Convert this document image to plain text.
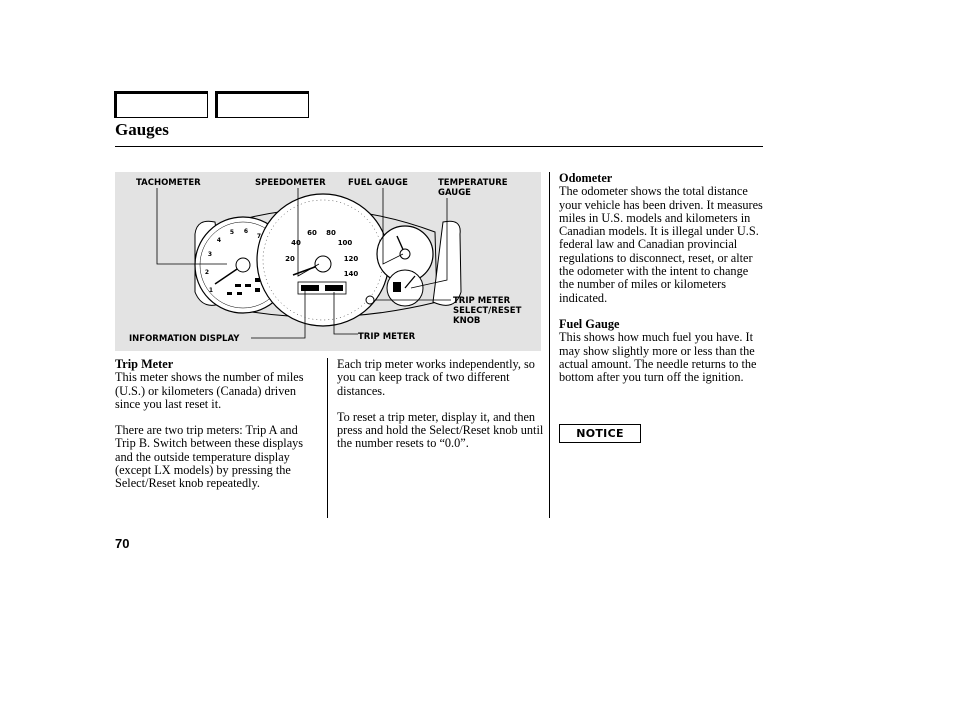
Gauges
1
2
3
4
5 6
7
20
40
60 80
100
120
140
TACHOMETER	SPEEDOMETER	FUEL GAUGE	TEMPERATURE
GAUGE
TRIP METER
SELECT/RESET
KNOB
INFORMATION DISPLAY	TRIP METER
Trip Meter

This meter shows the number of miles (U.S.) or kilometers (Canada) driven since you last reset it.

There are two trip meters: Trip A and Trip B. Switch between these displays and the outside temperature display (except LX models) by pressing the Select/Reset knob repeatedly.

Each trip meter works independently, so you can keep track of two different distances.

To reset a trip meter, display it, and then press and hold the Select/Reset knob until the number resets to “0.0”.

Odometer

The odometer shows the total distance your vehicle has been driven. It measures miles in U.S. models and kilometers in Canadian models. It is illegal under U.S. federal law and Canadian provincial regulations to disconnect, reset, or alter the odometer with the intent to change the number of miles or kilometers indicated.

Fuel Gauge

This shows how much fuel you have. It may show slightly more or less than the actual amount. The needle returns to the bottom after you turn off the ignition.

NOTICE
70
